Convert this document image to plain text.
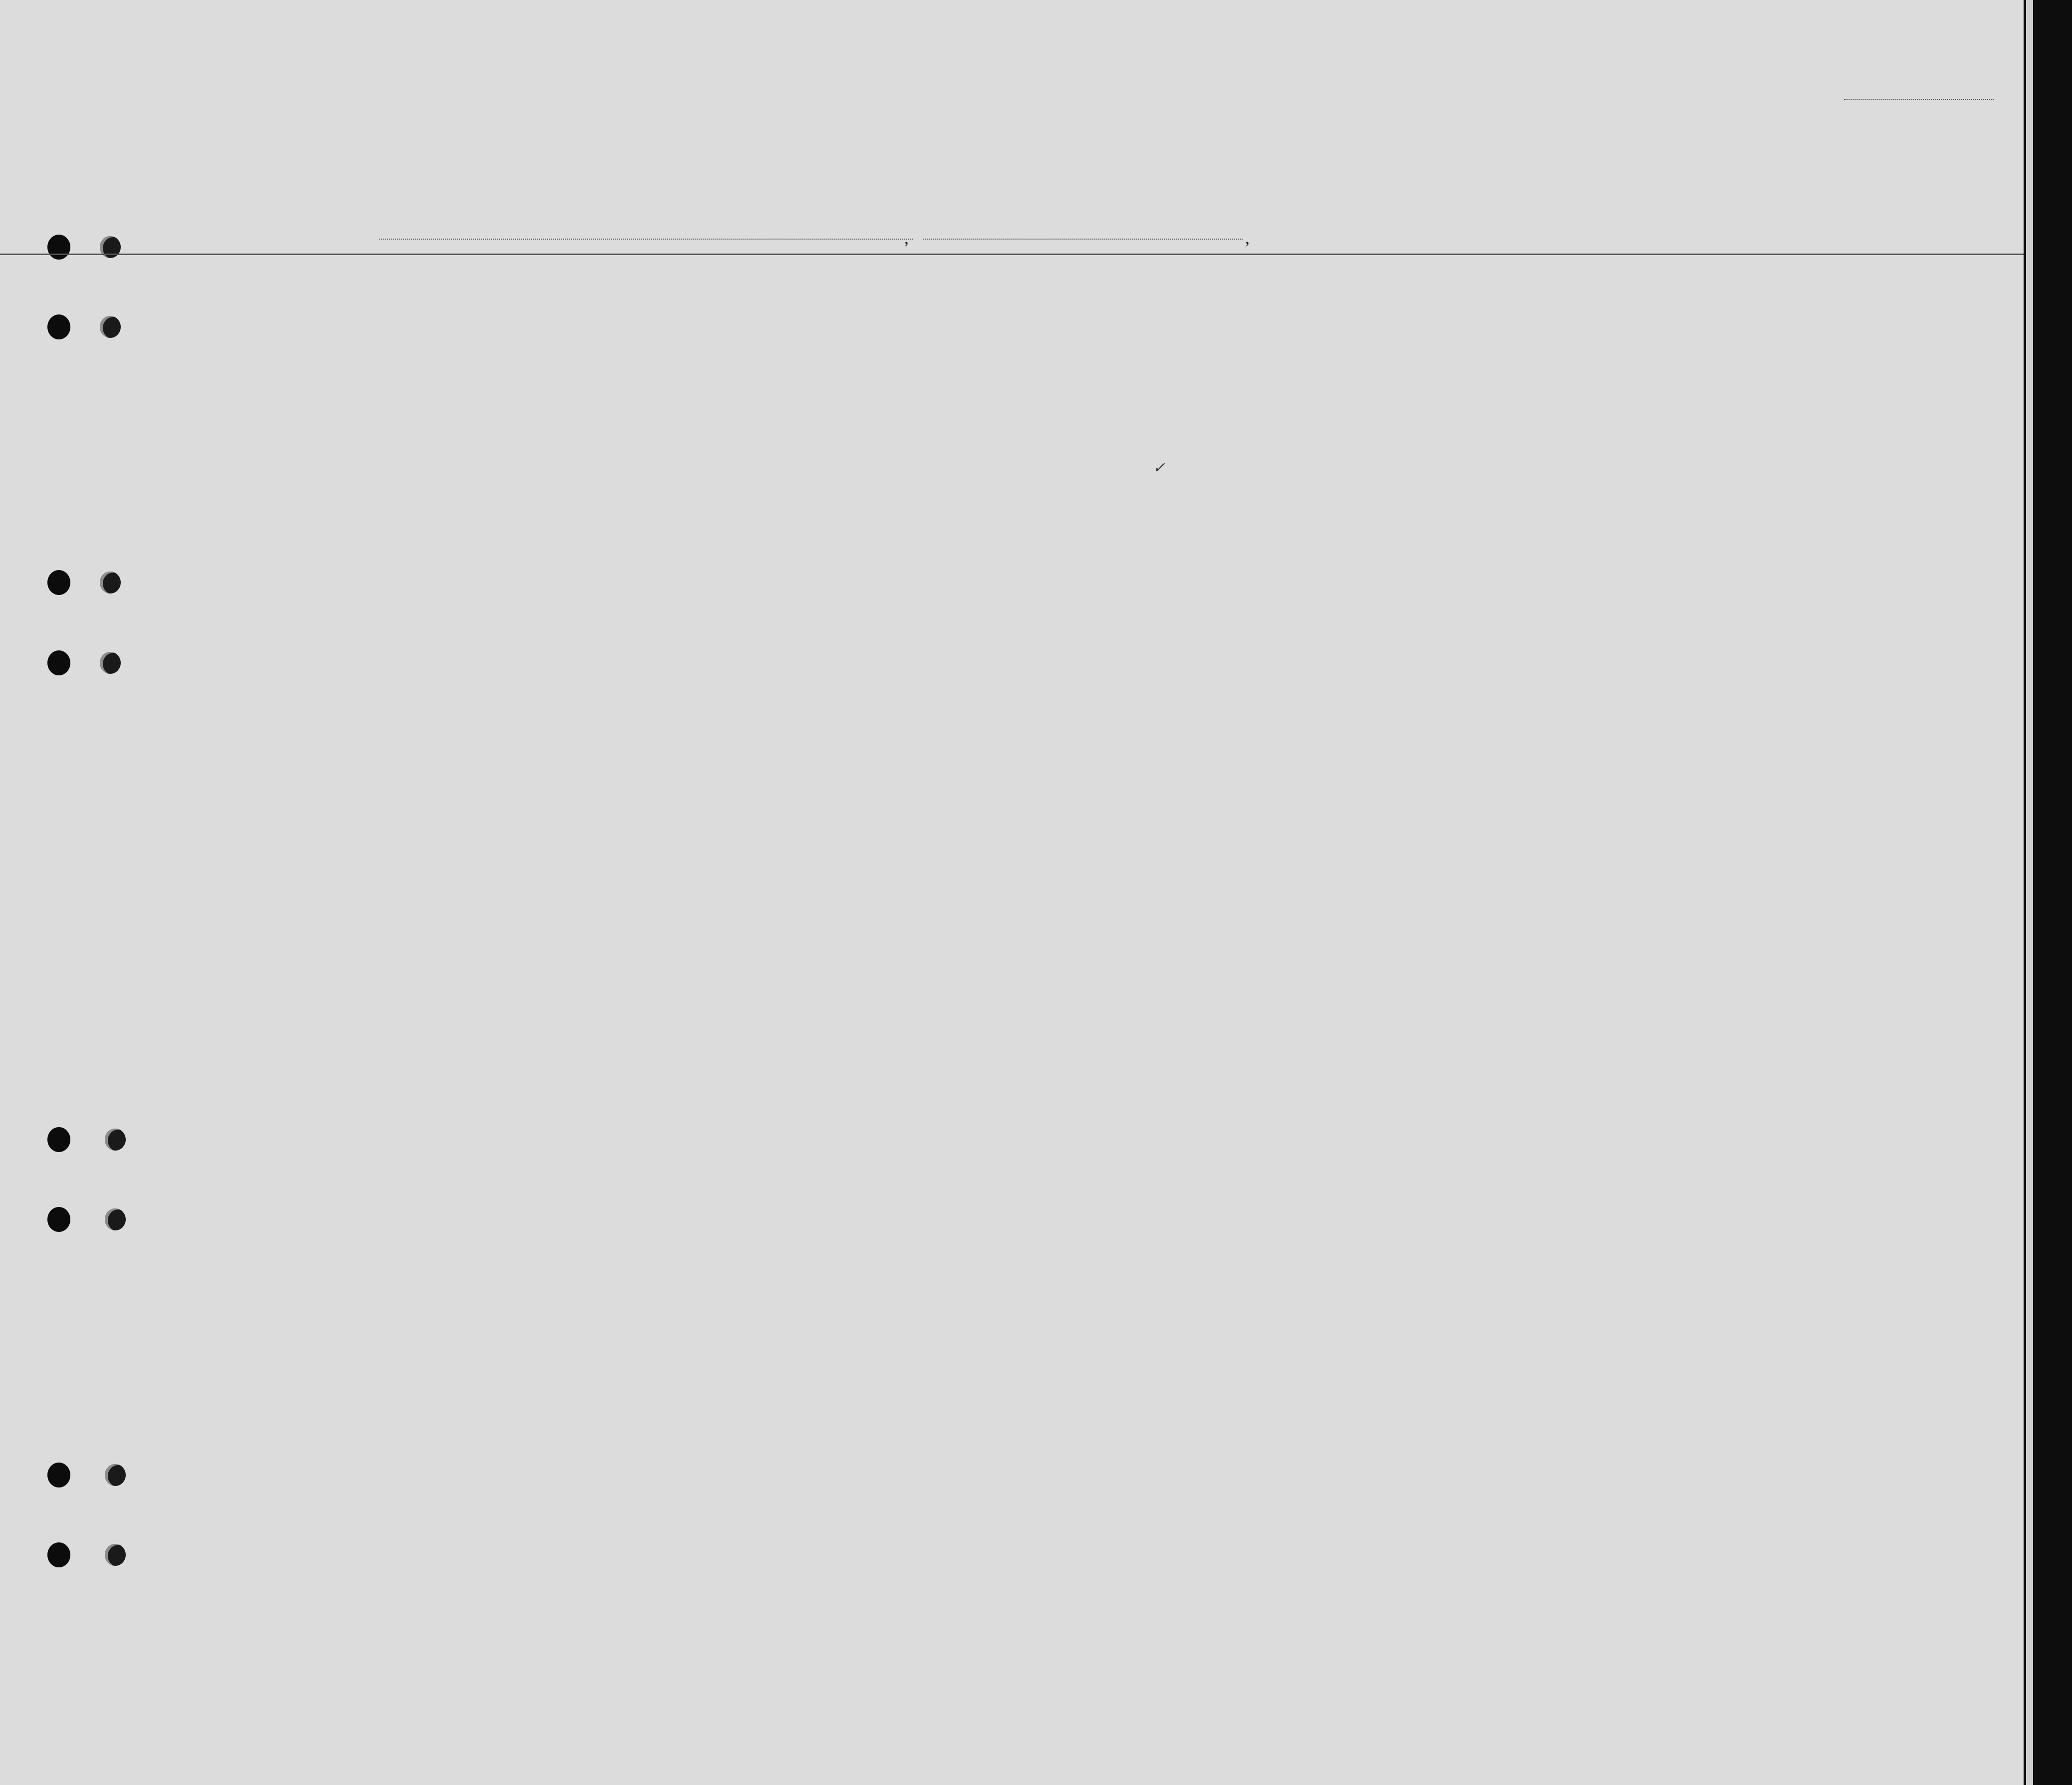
,	,
✓
